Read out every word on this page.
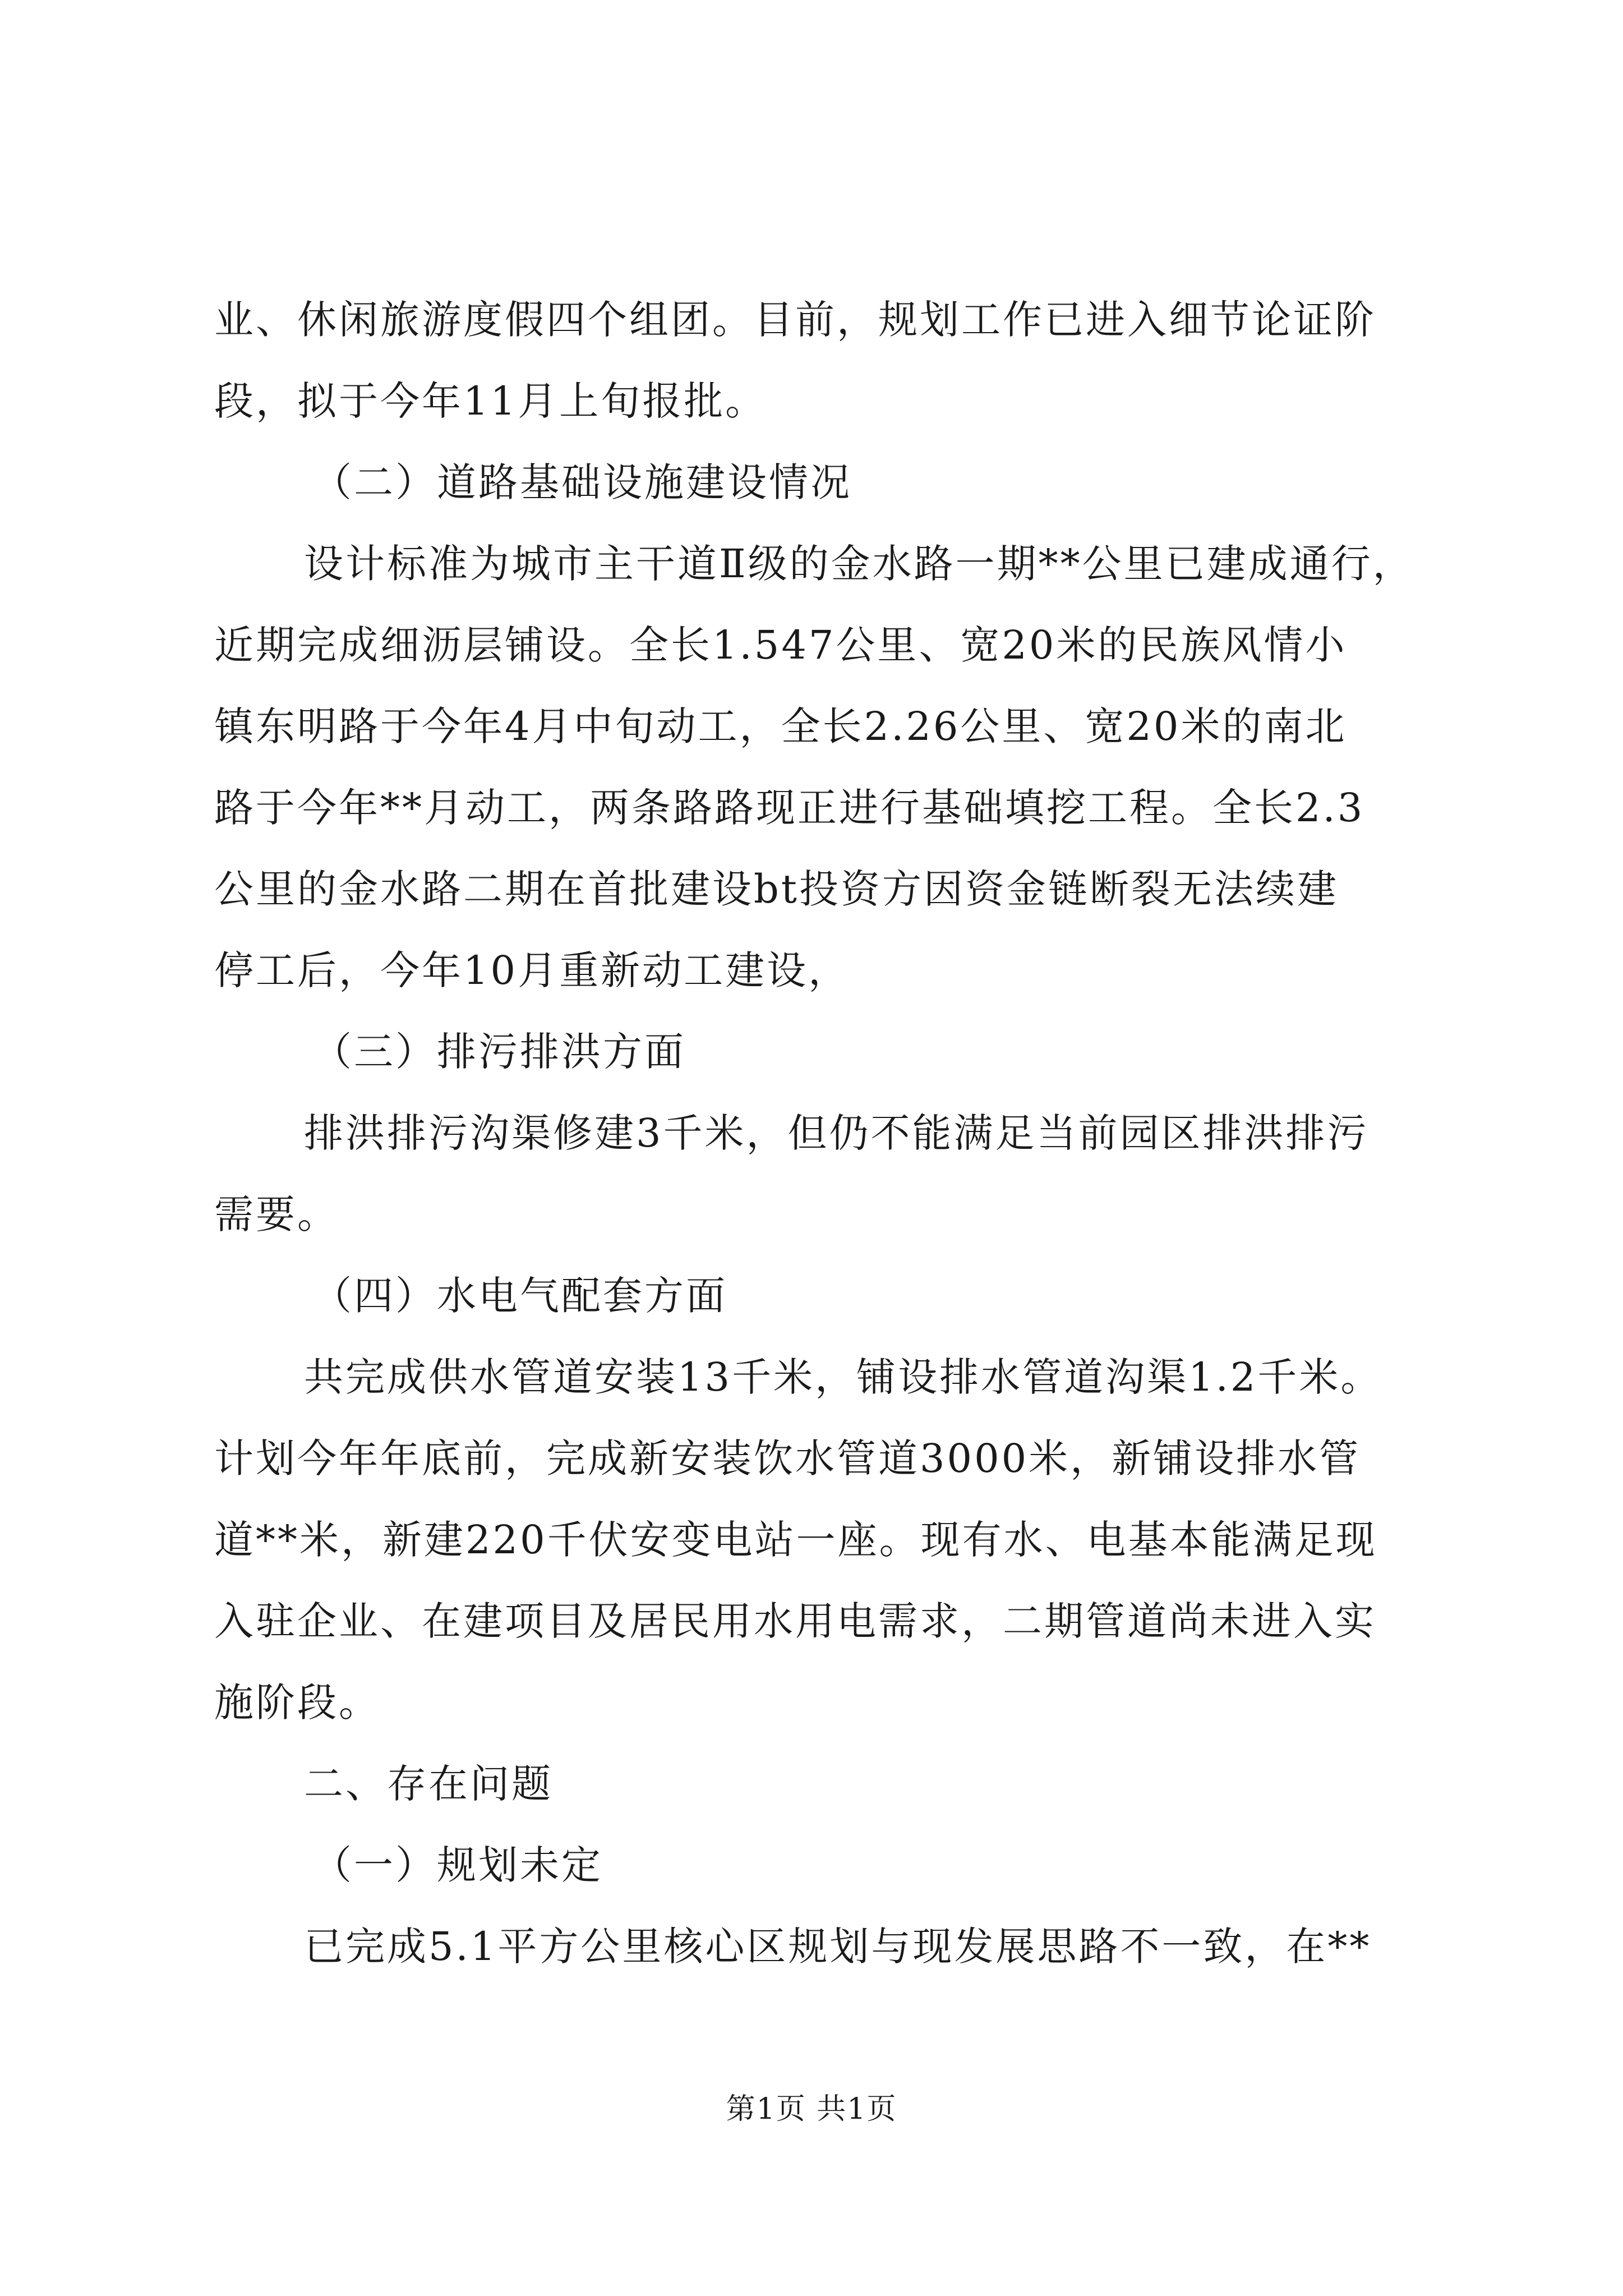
业、休闲旅游度假四个组团。目前，规划工作已进入细节论证阶
段，拟于今年11月上旬报批。
（二）道路基础设施建设情况
设计标准为城市主干道Ⅱ级的金水路一期**公里已建成通行，
近期完成细沥层铺设。全长1.547公里、宽20米的民族风情小
镇东明路于今年4月中旬动工，全长2.26公里、宽20米的南北
路于今年**月动工，两条路路现正进行基础填挖工程。全长2.3
公里的金水路二期在首批建设bt投资方因资金链断裂无法续建
停工后，今年10月重新动工建设，
（三）排污排洪方面
排洪排污沟渠修建3千米，但仍不能满足当前园区排洪排污
需要。
（四）水电气配套方面
共完成供水管道安装13千米，铺设排水管道沟渠1.2千米。
计划今年年底前，完成新安装饮水管道3000米，新铺设排水管
道**米，新建220千伏安变电站一座。现有水、电基本能满足现
入驻企业、在建项目及居民用水用电需求，二期管道尚未进入实
施阶段。
二、存在问题
（一）规划未定
已完成5.1平方公里核心区规划与现发展思路不一致，在**
第1页 共1页
